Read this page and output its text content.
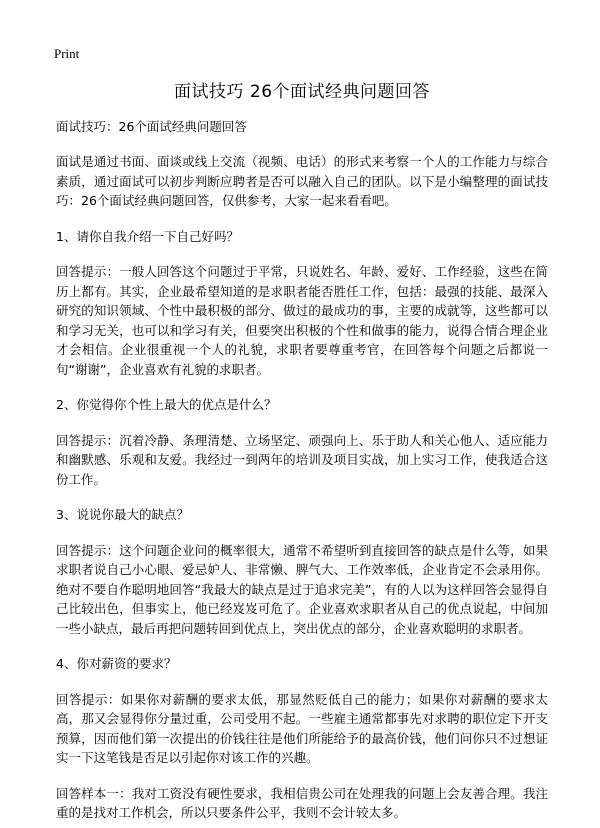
Print
面试技巧 26个面试经典问题回答

面试技巧：26个面试经典问题回答

面试是通过书面、面谈或线上交流（视频、电话）的形式来考察一个人的工作能力与综合素质，通过面试可以初步判断应聘者是否可以融入自己的团队。以下是小编整理的面试技巧：26个面试经典问题回答，仅供参考，大家一起来看看吧。

1、请你自我介绍一下自己好吗？

回答提示：一般人回答这个问题过于平常，只说姓名、年龄、爱好、工作经验，这些在简历上都有。其实，企业最希望知道的是求职者能否胜任工作，包括：最强的技能、最深入研究的知识领域、个性中最积极的部分、做过的最成功的事，主要的成就等，这些都可以和学习无关，也可以和学习有关，但要突出积极的个性和做事的能力，说得合情合理企业才会相信。企业很重视一个人的礼貌，求职者要尊重考官，在回答每个问题之后都说一句“谢谢”，企业喜欢有礼貌的求职者。

2、你觉得你个性上最大的优点是什么？

回答提示：沉着冷静、条理清楚、立场坚定、顽强向上、乐于助人和关心他人、适应能力和幽默感、乐观和友爱。我经过一到两年的培训及项目实战，加上实习工作，使我适合这份工作。

3、说说你最大的缺点？

回答提示：这个问题企业问的概率很大，通常不希望听到直接回答的缺点是什么等，如果求职者说自己小心眼、爱忌妒人、非常懒、脾气大、工作效率低，企业肯定不会录用你。绝对不要自作聪明地回答“我最大的缺点是过于追求完美”，有的人以为这样回答会显得自己比较出色，但事实上，他已经岌岌可危了。企业喜欢求职者从自己的优点说起，中间加一些小缺点，最后再把问题转回到优点上，突出优点的部分，企业喜欢聪明的求职者。

4、你对薪资的要求？

回答提示：如果你对薪酬的要求太低，那显然贬低自己的能力；如果你对薪酬的要求太高，那又会显得你分量过重，公司受用不起。一些雇主通常都事先对求聘的职位定下开支预算，因而他们第一次提出的价钱往往是他们所能给予的最高价钱，他们问你只不过想证实一下这笔钱是否足以引起你对该工作的兴趣。

回答样本一：我对工资没有硬性要求，我相信贵公司在处理我的问题上会友善合理。我注重的是找对工作机会，所以只要条件公平，我则不会计较太多。
